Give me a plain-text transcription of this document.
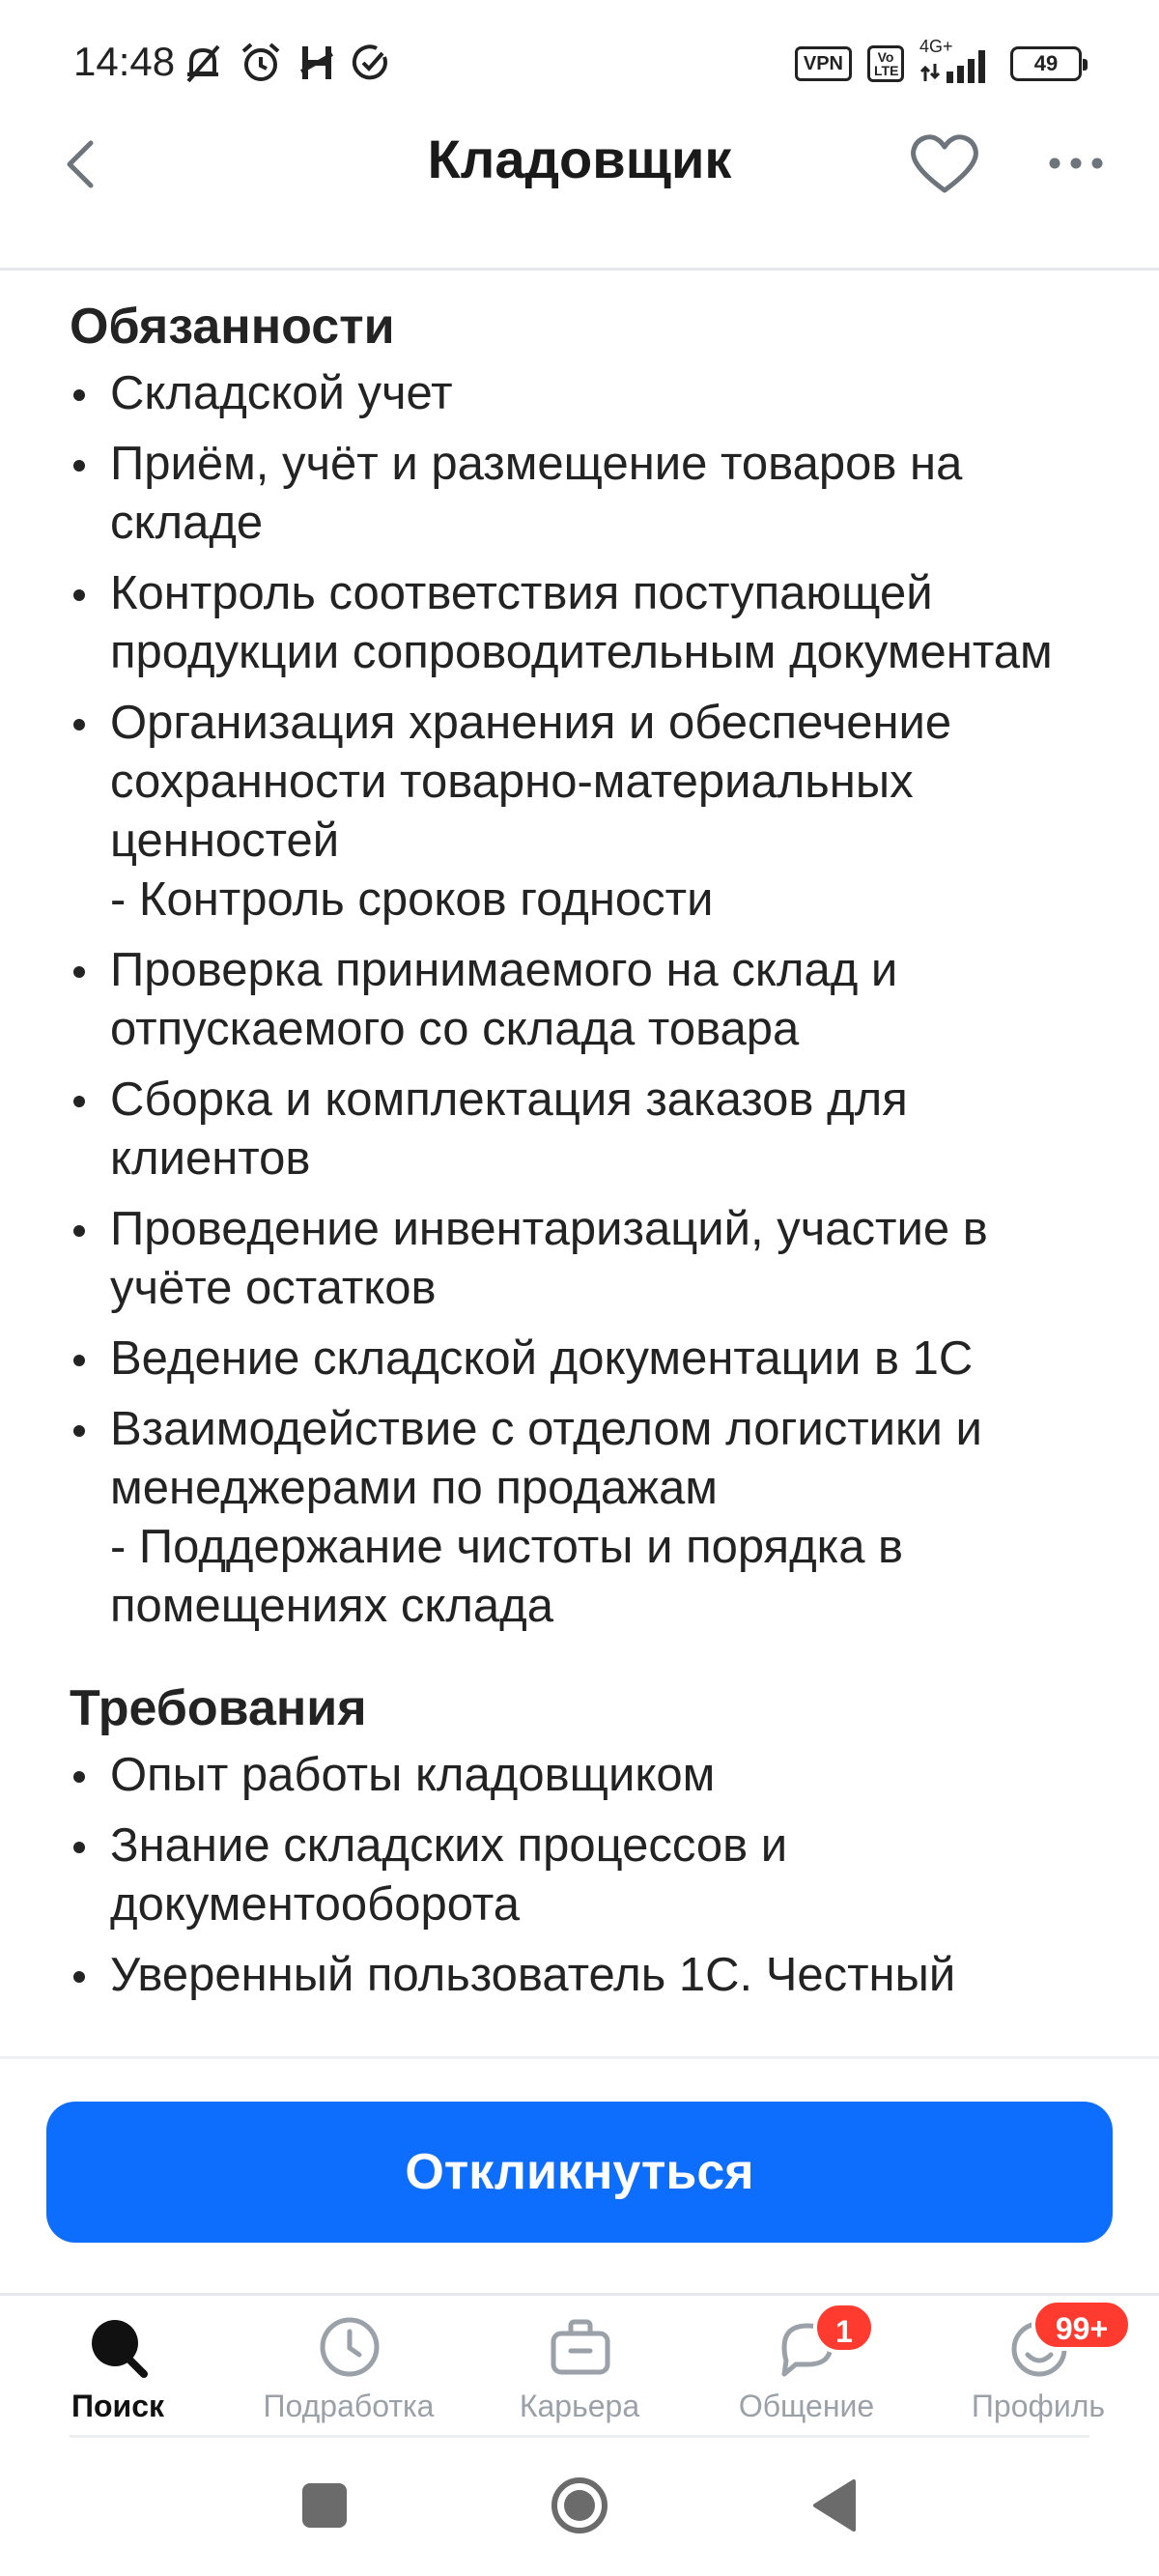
14:48	VPN	Vo LTE
4G+
49
Кладовщик
Обязанности
Складской учет
Приём, учёт и размещение товаров на складе
Контроль соответствия поступающей продукции сопроводительным документам
Организация хранения и обеспечение сохранности товарно-материальных ценностей
- Контроль сроков годности
Проверка принимаемого на склад и отпускаемого со склада товара
Сборка и комплектация заказов для клиентов
Проведение инвентаризаций, участие в учёте остатков
Ведение складской документации в 1С
Взаимодействие с отделом логистики и менеджерами по продажам
- Поддержание чистоты и порядка в помещениях склада
Требования
Опыт работы кладовщиком
Знание складских процессов и документооборота
Уверенный пользователь 1С. Честный
Откликнуться
Поиск	Подработка	Карьера	Общение
1
Профиль
99+
